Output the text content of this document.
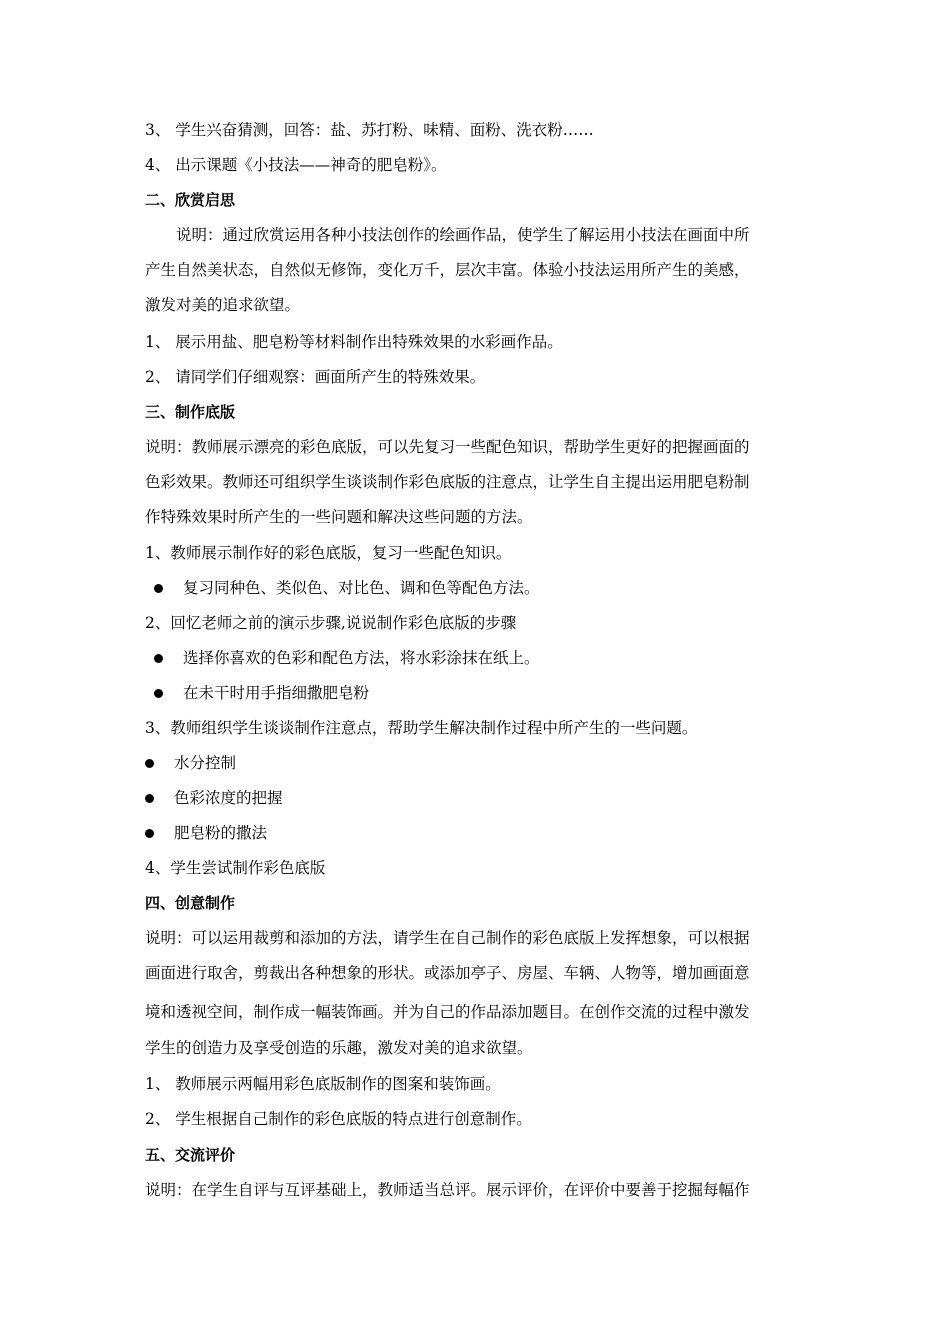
3、 学生兴奋猜测，回答：盐、苏打粉、味精、面粉、洗衣粉……
4、 出示课题《小技法——神奇的肥皂粉》。
二、欣赏启思
说明：通过欣赏运用各种小技法创作的绘画作品，使学生了解运用小技法在画面中所
产生自然美状态，自然似无修饰，变化万千，层次丰富。体验小技法运用所产生的美感，
激发对美的追求欲望。
1、 展示用盐、肥皂粉等材料制作出特殊效果的水彩画作品。
2、 请同学们仔细观察：画面所产生的特殊效果。
三、制作底版
说明：教师展示漂亮的彩色底版，可以先复习一些配色知识，帮助学生更好的把握画面的
色彩效果。教师还可组织学生谈谈制作彩色底版的注意点，让学生自主提出运用肥皂粉制
作特殊效果时所产生的一些问题和解决这些问题的方法。
1、教师展示制作好的彩色底版，复习一些配色知识。
复习同种色、类似色、对比色、调和色等配色方法。
2、回忆老师之前的演示步骤,说说制作彩色底版的步骤
选择你喜欢的色彩和配色方法，将水彩涂抹在纸上。
在未干时用手指细撒肥皂粉
3、教师组织学生谈谈制作注意点，帮助学生解决制作过程中所产生的一些问题。
水分控制
色彩浓度的把握
肥皂粉的撒法
4、学生尝试制作彩色底版
四、创意制作
说明：可以运用裁剪和添加的方法，请学生在自己制作的彩色底版上发挥想象，可以根据
画面进行取舍，剪裁出各种想象的形状。或添加亭子、房屋、车辆、人物等，增加画面意
境和透视空间，制作成一幅装饰画。并为自己的作品添加题目。在创作交流的过程中激发
学生的创造力及享受创造的乐趣，激发对美的追求欲望。
1、 教师展示两幅用彩色底版制作的图案和装饰画。
2、 学生根据自己制作的彩色底版的特点进行创意制作。
五、交流评价
说明：在学生自评与互评基础上，教师适当总评。展示评价，在评价中要善于挖掘每幅作
